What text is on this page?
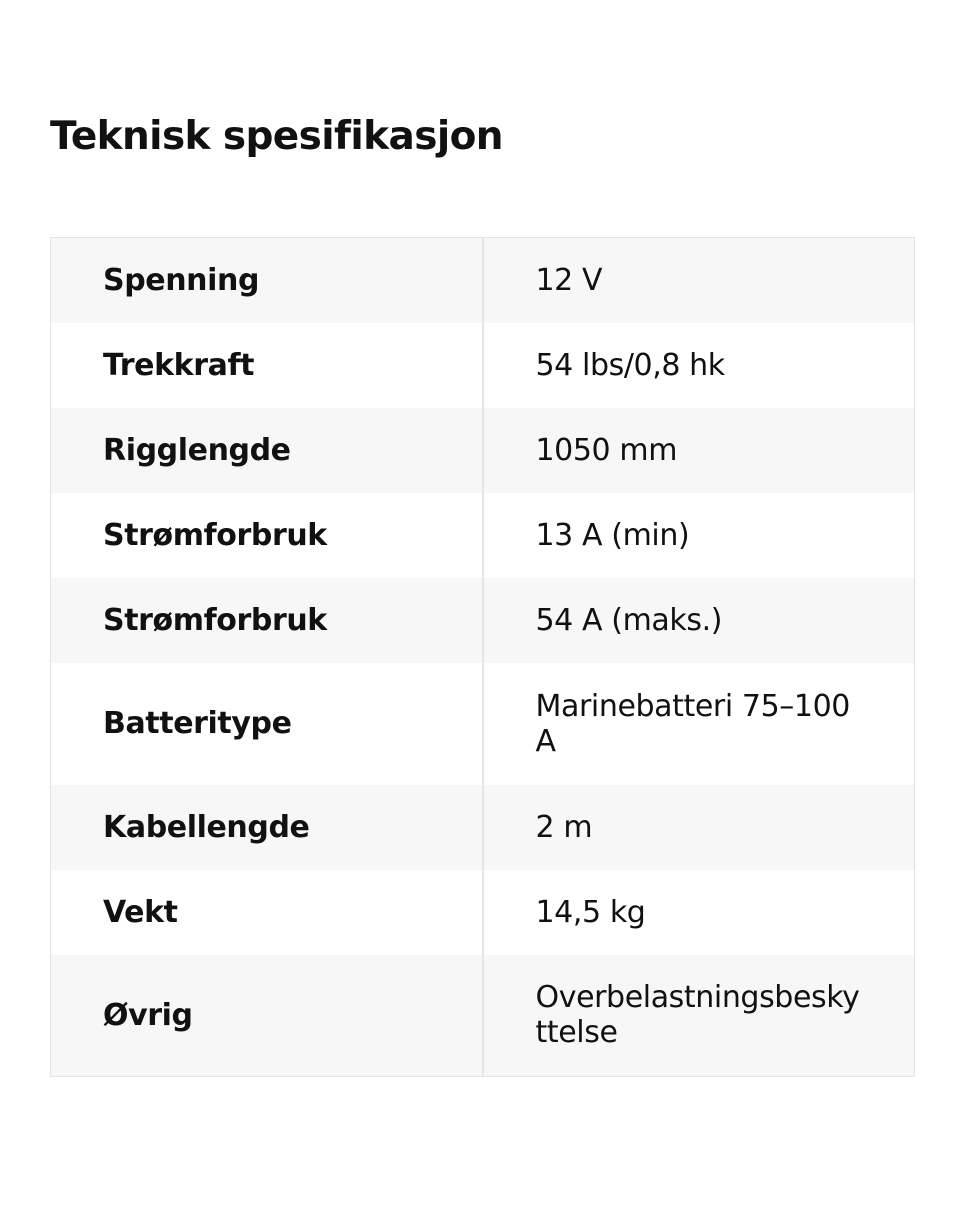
Teknisk spesifikasjon
Spenning	12 V
Trekkraft	54 lbs/0,8 hk
Rigglengde	1050 mm
Strømforbruk	13 A (min)
Strømforbruk	54 A (maks.)
Batteritype	Marinebatteri 75–100 A
Kabellengde	2 m
Vekt	14,5 kg
Øvrig	Overbelastningsbeskyttelse
